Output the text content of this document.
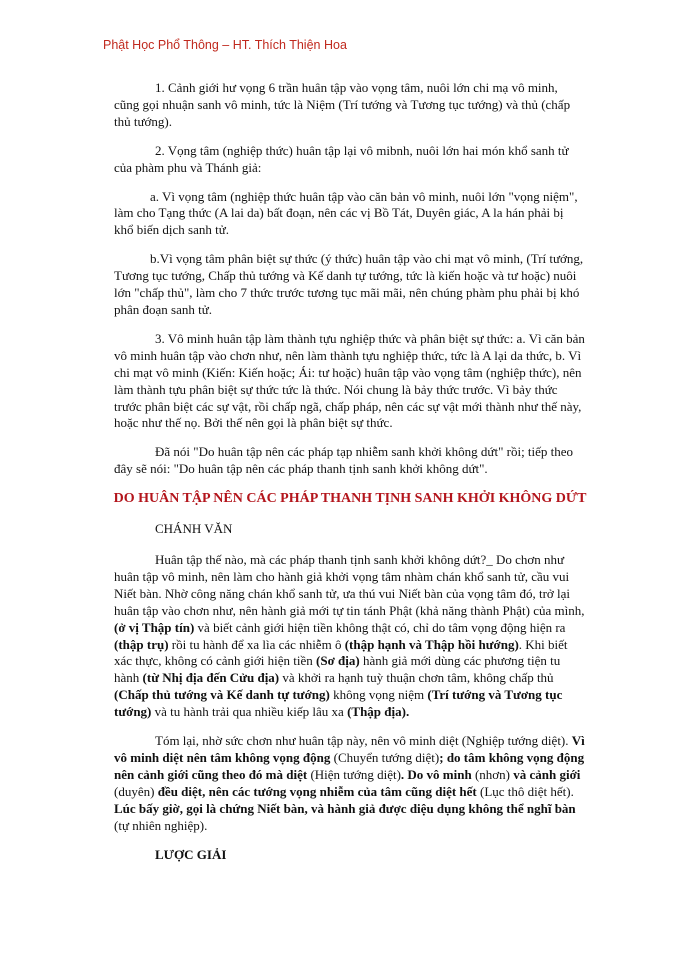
Phật Học Phổ Thông – HT. Thích Thiện Hoa

1. Cảnh giới hư vọng 6 trần huân tập vào vọng tâm, nuôi lớn chi mạ vô minh, cũng gọi nhuận sanh vô minh, tức là Niệm (Trí tướng và Tương tục tướng) và thủ (chấp thủ tướng).

2. Vọng tâm (nghiệp thức) huân tập lại vô mibnh, nuôi lớn hai món khổ sanh tử của phàm phu và Thánh giả:

a. Vì vọng tâm (nghiệp thức huân tập vào căn bản vô minh, nuôi lớn "vọng niệm", làm cho Tạng thức (A lai da) bất đoạn, nên các vị Bồ Tát, Duyên giác, A la hán phải bị khổ biến dịch sanh tử.

b.Vì vọng tâm phân biệt sự thức (ý thức) huân tập vào chi mạt vô minh, (Trí tướng, Tương tục tướng, Chấp thủ tướng và Kế danh tự tướng, tức là kiến hoặc và tư hoặc) nuôi lớn "chấp thủ", làm cho 7 thức trước tương tục mãi mãi, nên chúng phàm phu phải bị khó phân đoạn sanh tử.

3. Vô minh huân tập làm thành tựu nghiệp thức và phân biệt sự thức: a. Vì căn bản vô minh huân tập vào chơn như, nên làm thành tựu nghiệp thức, tức là A lại da thức, b. Vì chi mạt vô minh (Kiến: Kiến hoặc; Ái: tư hoặc) huân tập vào vọng tâm (nghiệp thức), nên làm thành tựu phân biệt sự thức tức là thức. Nói chung là bảy thức trước. Vì bảy thức trước phân biệt các sự vật, rồi chấp ngã, chấp pháp, nên các sự vật mới thành như thế này, hoặc như thế nọ. Bởi thế nên gọi là phân biệt sự thức.

Đã nói "Do huân tập nên các pháp tạp nhiễm sanh khởi không dứt" rồi; tiếp theo đây sẽ nói: "Do huân tập nên các pháp thanh tịnh sanh khởi không dứt".

DO HUÂN TẬP NÊN CÁC PHÁP THANH TỊNH SANH KHỞI KHÔNG DỨT
CHÁNH VĂN

Huân tập thế nào, mà các pháp thanh tịnh sanh khởi không dứt?_ Do chơn như huân tập vô minh, nên làm cho hành giả khởi vọng tâm nhàm chán khổ sanh tử, cầu vui Niết bàn. Nhờ công năng chán khổ sanh tử, ưa thú vui Niết bàn của vọng tâm đó, trở lại huân tập vào chơn như, nên hành giả mới tự tin tánh Phật (khả năng thành Phật) của mình, (ở vị Thập tín) và biết cảnh giới hiện tiền không thật có, chỉ do tâm vọng động hiện ra (thập trụ) rồi tu hành để xa lìa các nhiễm ô (thập hạnh và Thập hồi hướng). Khi biết xác thực, không có cảnh giới hiện tiền (Sơ địa) hành giả mới dùng các phương tiện tu hành (từ Nhị địa đến Cửu địa) và khởi ra hạnh tuỳ thuận chơn tâm, không chấp thủ (Chấp thủ tướng và Kế danh tự tướng) không vọng niệm (Trí tướng và Tương tục tướng) và tu hành trải qua nhiều kiếp lâu xa (Thập địa).

Tóm lại, nhờ sức chơn như huân tập này, nên vô minh diệt (Nghiệp tướng diệt). Vì vô minh diệt nên tâm không vọng động (Chuyển tướng diệt); do tâm không vọng động nên cảnh giới cũng theo đó mà diệt (Hiện tướng diệt). Do vô minh (nhơn) và cảnh giới (duyên) đều diệt, nên các tướng vọng nhiễm của tâm cũng diệt hết (Lục thô diệt hết). Lúc bấy giờ, gọi là chứng Niết bàn, và hành giả được diệu dụng không thể nghĩ bàn (tự nhiên nghiệp).

LƯỢC GIẢI
